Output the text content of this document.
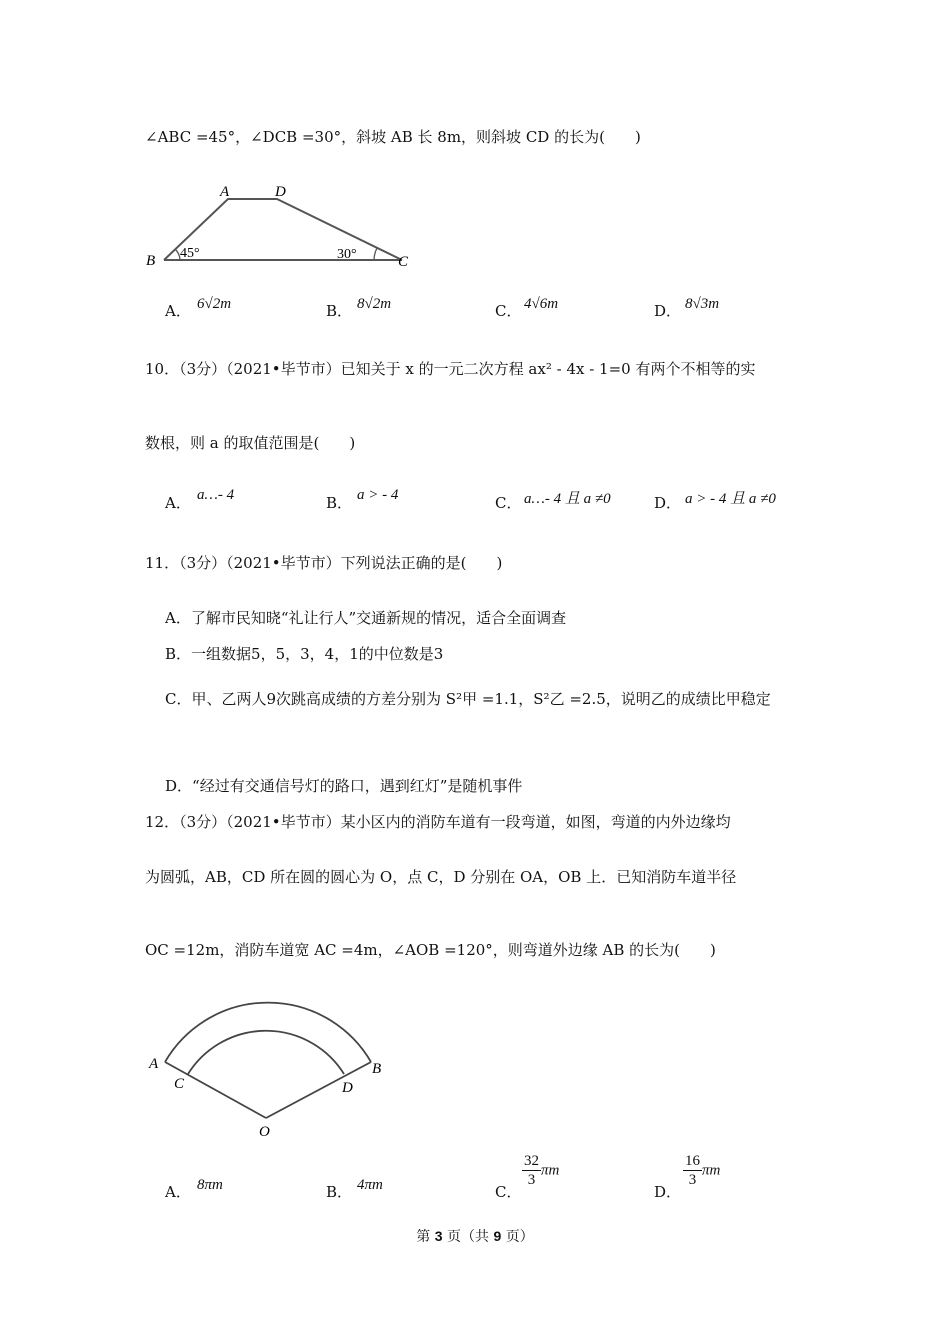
∠ABC =45°，∠DCB =30°，斜坡 AB 长 8m，则斜坡 CD 的长为(　　)
A	D
B	C
45°	30°
A． 6√2m	B． 8√2m	C． 4√6m	D． 8√3m
10．（3分）（2021•毕节市）已知关于 x 的一元二次方程 ax² - 4x - 1=0 有两个不相等的实
数根，则 a 的取值范围是(　　)
A． a…- 4	B． a > - 4	C． a…- 4 且 a ≠0	D． a > - 4 且 a ≠0
11．（3分）（2021•毕节市）下列说法正确的是(　　)
A．了解市民知晓“礼让行人”交通新规的情况，适合全面调查
B．一组数据5，5，3，4，1的中位数是3
C．甲、乙两人9次跳高成绩的方差分别为 S²甲 =1.1，S²乙 =2.5，说明乙的成绩比甲稳定
D．“经过有交通信号灯的路口，遇到红灯”是随机事件
12．（3分）（2021•毕节市）某小区内的消防车道有一段弯道，如图，弯道的内外边缘均
为圆弧，AB，CD 所在圆的圆心为 O，点 C，D 分别在 OA，OB 上．已知消防车道半径
OC =12m，消防车道宽 AC =4m，∠AOB =120°，则弯道外边缘 AB 的长为(　　)
A
C
B
D
O
A． 8πm	B． 4πm	C．
$\frac{32}{3}$ πm
D．
$\frac{16}{3}$ πm
第 3 页（共 9 页）
